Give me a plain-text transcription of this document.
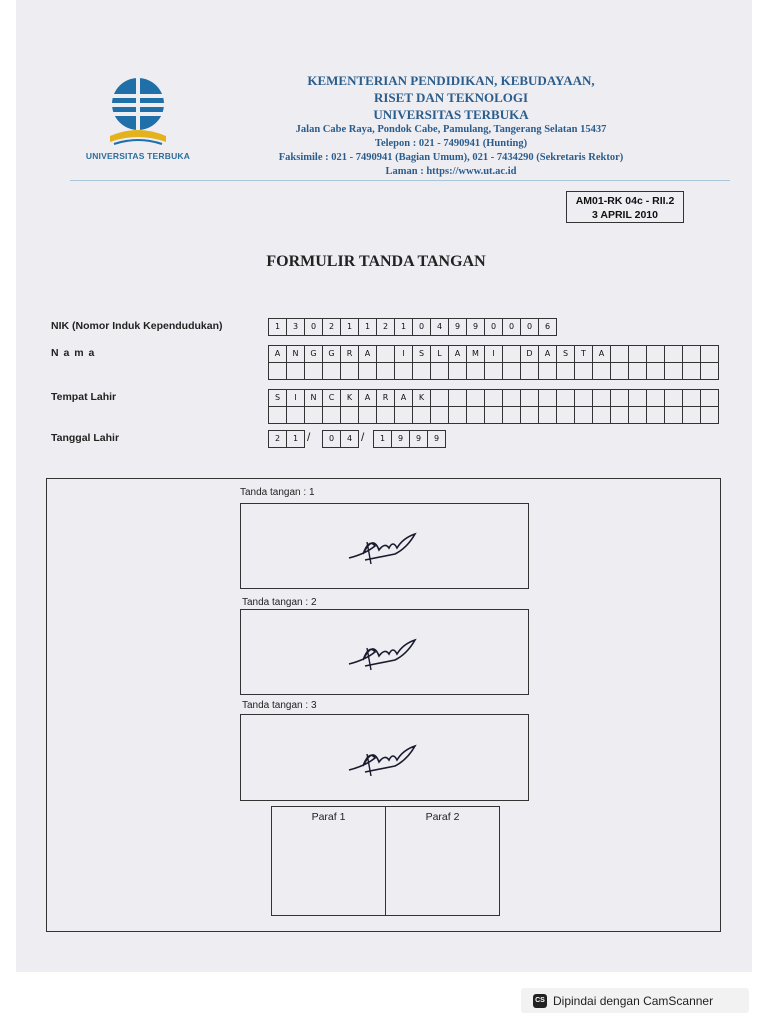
UNIVERSITAS TERBUKA
KEMENTERIAN PENDIDIKAN, KEBUDAYAAN,
RISET DAN TEKNOLOGI
UNIVERSITAS TERBUKA
Jalan Cabe Raya, Pondok Cabe, Pamulang, Tangerang Selatan 15437
Telepon : 021 - 7490941 (Hunting)
Faksimile : 021 - 7490941 (Bagian Umum), 021 - 7434290 (Sekretaris Rektor)
Laman : https://www.ut.ac.id
AM01-RK 04c - RII.2
3 APRIL 2010
FORMULIR TANDA TANGAN
NIK (Nomor Induk Kependudukan)	1	3	0	2	1	1	2	1	0	4	9	9	0	0	0	6
N a m a	A	N	G	G	R	A	I	S	L	A	M	I	D	A	S	T	A
Tempat Lahir	S	I	N	C	K	A	R	A	K
Tanggal Lahir	2	1 /	0	4 /	1	9	9	9
Tanda tangan : 1
Tanda tangan : 2
Tanda tangan : 3
Paraf 1	Paraf 2
CS Dipindai dengan CamScanner
